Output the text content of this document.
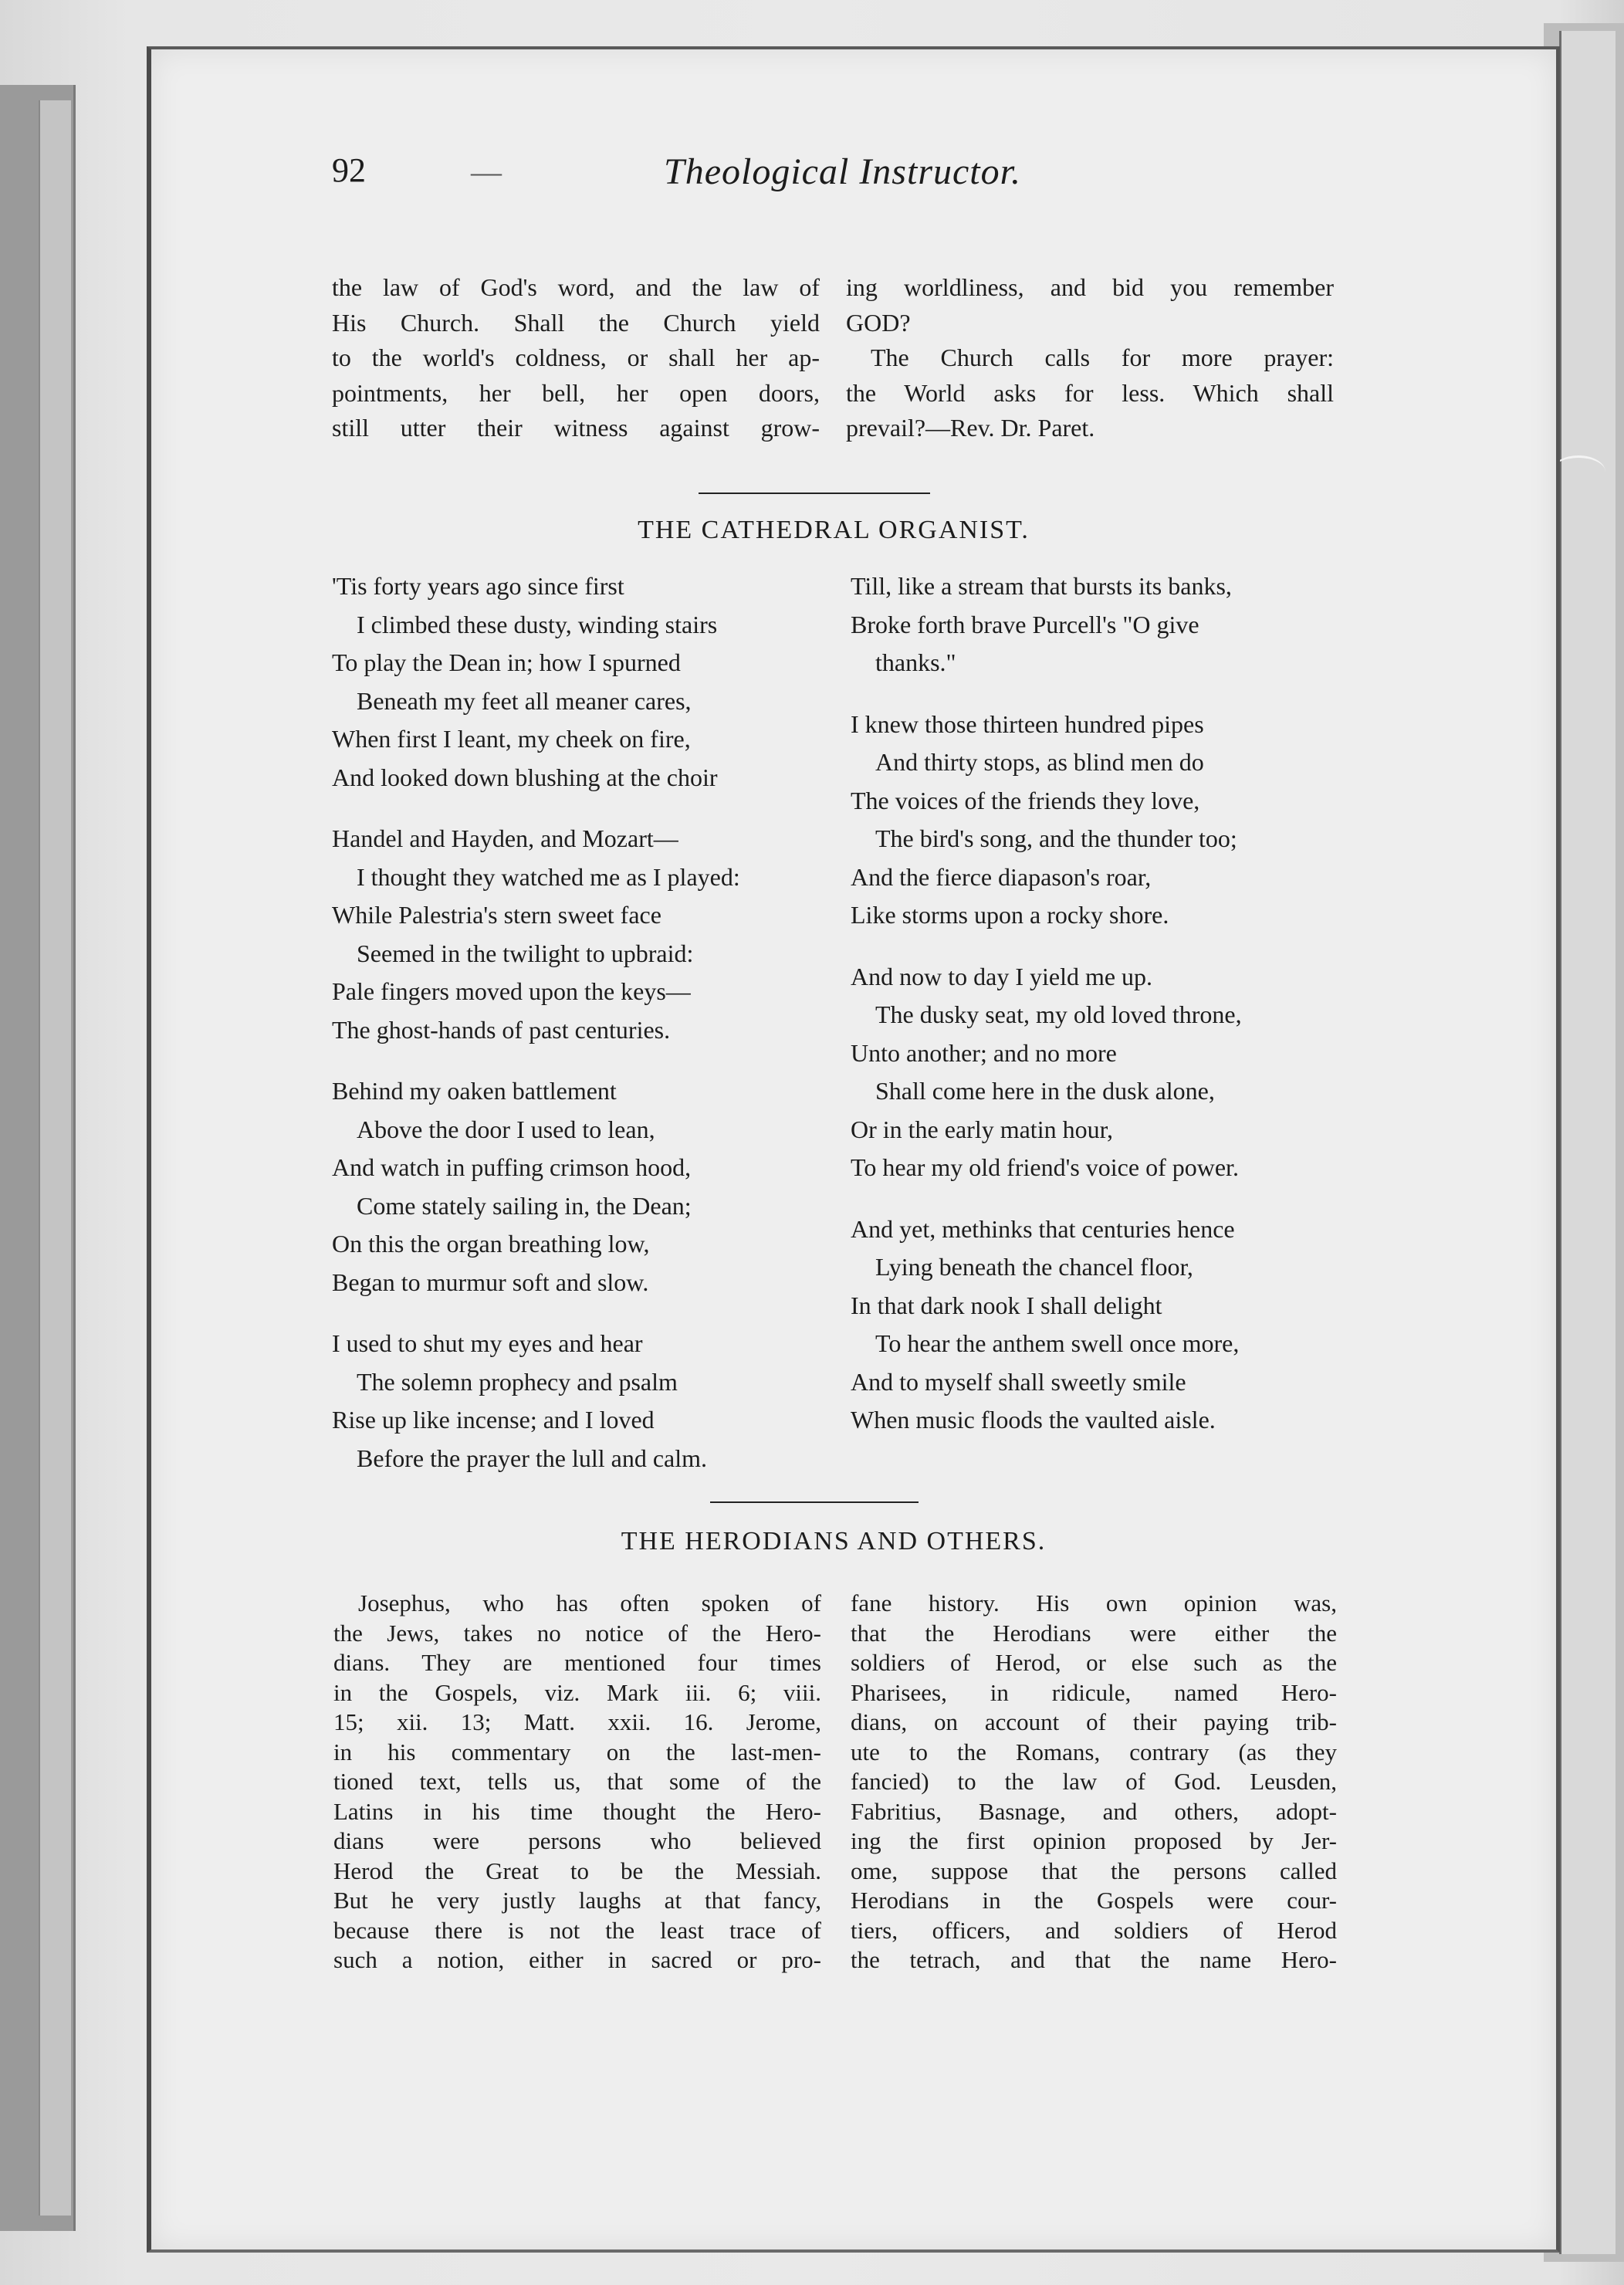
92	—	Theological Instructor.

the law of God's word, and the law of

His Church. Shall the Church yield

to the world's coldness, or shall her ap-

pointments, her bell, her open doors,

still utter their witness against grow-

ing worldliness, and bid you remember

GOD?

The Church calls for more prayer:

the World asks for less. Which shall

prevail?—Rev. Dr. Paret.

THE CATHEDRAL ORGANIST.
'Tis forty years ago since first
I climbed these dusty, winding stairs
To play the Dean in; how I spurned
Beneath my feet all meaner cares,
When first I leant, my cheek on fire,
And looked down blushing at the choir
Handel and Hayden, and Mozart—
I thought they watched me as I played:
While Palestria's stern sweet face
Seemed in the twilight to upbraid:
Pale fingers moved upon the keys—
The ghost-hands of past centuries.
Behind my oaken battlement
Above the door I used to lean,
And watch in puffing crimson hood,
Come stately sailing in, the Dean;
On this the organ breathing low,
Began to murmur soft and slow.
I used to shut my eyes and hear
The solemn prophecy and psalm
Rise up like incense; and I loved
Before the prayer the lull and calm.
Till, like a stream that bursts its banks,
Broke forth brave Purcell's "O give
thanks."
I knew those thirteen hundred pipes
And thirty stops, as blind men do
The voices of the friends they love,
The bird's song, and the thunder too;
And the fierce diapason's roar,
Like storms upon a rocky shore.
And now to day I yield me up.
The dusky seat, my old loved throne,
Unto another; and no more
Shall come here in the dusk alone,
Or in the early matin hour,
To hear my old friend's voice of power.
And yet, methinks that centuries hence
Lying beneath the chancel floor,
In that dark nook I shall delight
To hear the anthem swell once more,
And to myself shall sweetly smile
When music floods the vaulted aisle.
THE HERODIANS AND OTHERS.

Josephus, who has often spoken of

the Jews, takes no notice of the Hero-

dians. They are mentioned four times

in the Gospels, viz. Mark iii. 6; viii.

15; xii. 13; Matt. xxii. 16. Jerome,

in his commentary on the last-men-

tioned text, tells us, that some of the

Latins in his time thought the Hero-

dians were persons who believed

Herod the Great to be the Messiah.

But he very justly laughs at that fancy,

because there is not the least trace of

such a notion, either in sacred or pro-

fane history. His own opinion was,

that the Herodians were either the

soldiers of Herod, or else such as the

Pharisees, in ridicule, named Hero-

dians, on account of their paying trib-

ute to the Romans, contrary (as they

fancied) to the law of God. Leusden,

Fabritius, Basnage, and others, adopt-

ing the first opinion proposed by Jer-

ome, suppose that the persons called

Herodians in the Gospels were cour-

tiers, officers, and soldiers of Herod

the tetrach, and that the name Hero-
